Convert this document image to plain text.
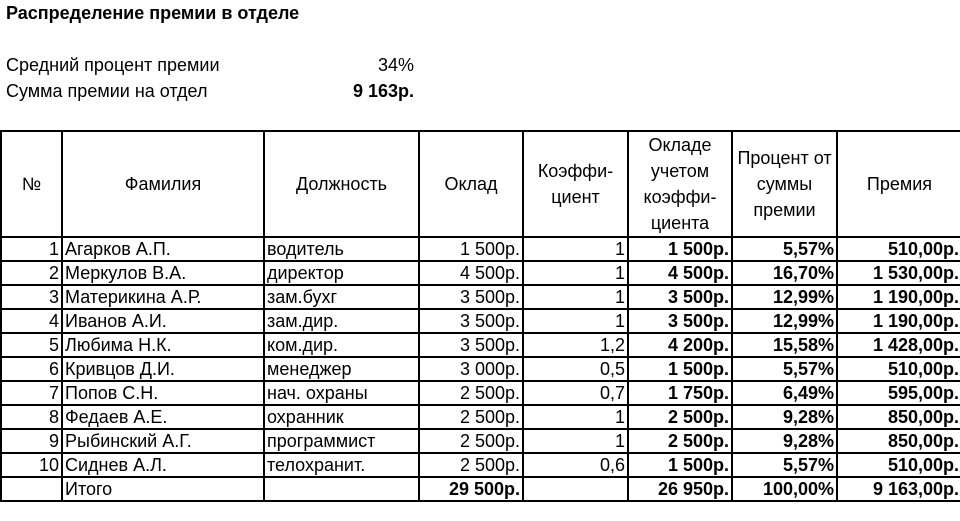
Распределение премии в отделе
Средний процент премии	34%
Сумма премии на отдел	9 163р.
№	Фамилия	Должность	Оклад	Коэффи-циент	Окладе учетом коэффи-циента	Процент от суммы премии	Премия
1	Агарков А.П.	водитель	1 500р.	1	1 500р.	5,57%	510,00р.
2	Меркулов В.А.	директор	4 500р.	1	4 500р.	16,70%	1 530,00р.
3	Материкина А.Р.	зам.бухг	3 500р.	1	3 500р.	12,99%	1 190,00р.
4	Иванов А.И.	зам.дир.	3 500р.	1	3 500р.	12,99%	1 190,00р.
5	Любима Н.К.	ком.дир.	3 500р.	1,2	4 200р.	15,58%	1 428,00р.
6	Кривцов Д.И.	менеджер	3 000р.	0,5	1 500р.	5,57%	510,00р.
7	Попов С.Н.	нач. охраны	2 500р.	0,7	1 750р.	6,49%	595,00р.
8	Федаев А.Е.	охранник	2 500р.	1	2 500р.	9,28%	850,00р.
9	Рыбинский А.Г.	программист	2 500р.	1	2 500р.	9,28%	850,00р.
10	Сиднев А.Л.	телохранит.	2 500р.	0,6	1 500р.	5,57%	510,00р.
	Итого		29 500р.		26 950р.	100,00%	9 163,00р.
